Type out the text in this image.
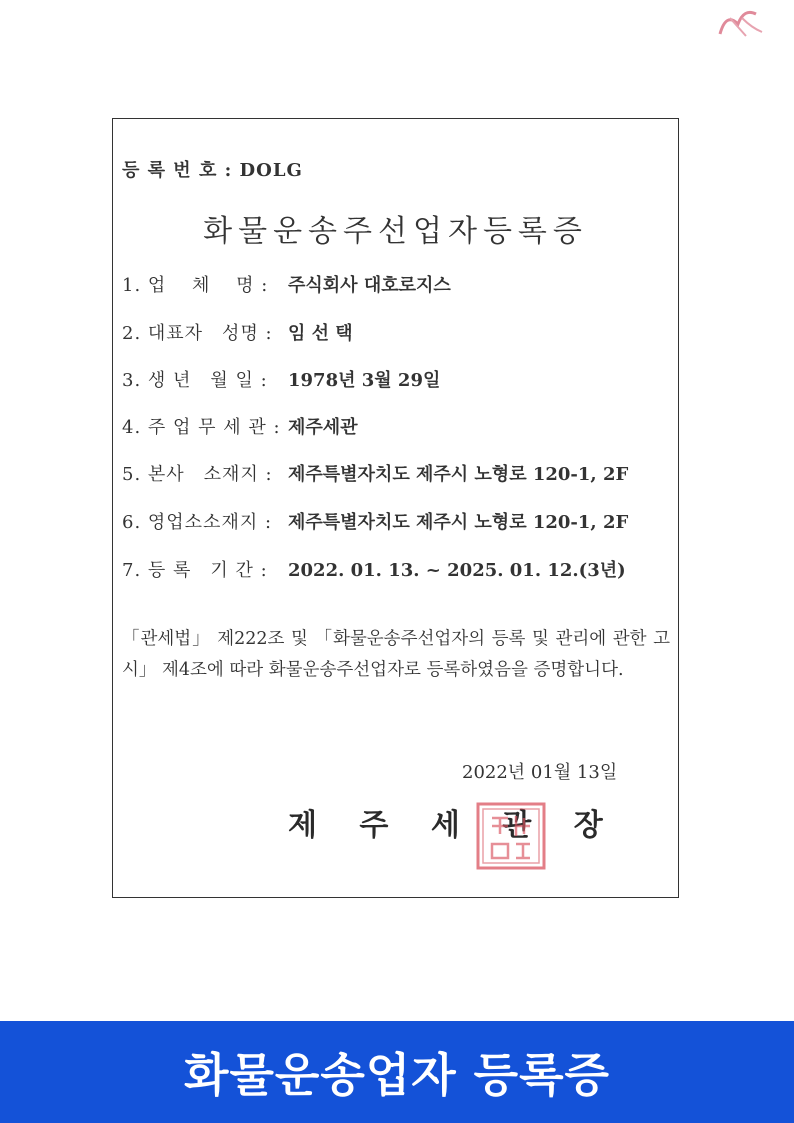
등 록 번 호 : DOLG
화물운송주선업자등록증
1. 업　 체　 명 : 주식회사 대호로지스
2. 대표자　성명 : 임 선 택
3. 생 년　월 일 : 1978년 3월 29일
4. 주 업 무 세 관 : 제주세관
5. 본사　소재지 : 제주특별자치도 제주시 노형로 120-1, 2F
6. 영업소소재지 : 제주특별자치도 제주시 노형로 120-1, 2F
7. 등 록　기 간 : 2022. 01. 13. ~ 2025. 01. 12.(3년)
「관세법」 제222조 및 「화물운송주선업자의 등록 및 관리에 관한 고시」 제4조에 따라 화물운송주선업자로 등록하였음을 증명합니다.
2022년 01월 13일
제 주 세 관 장
화물운송업자 등록증
